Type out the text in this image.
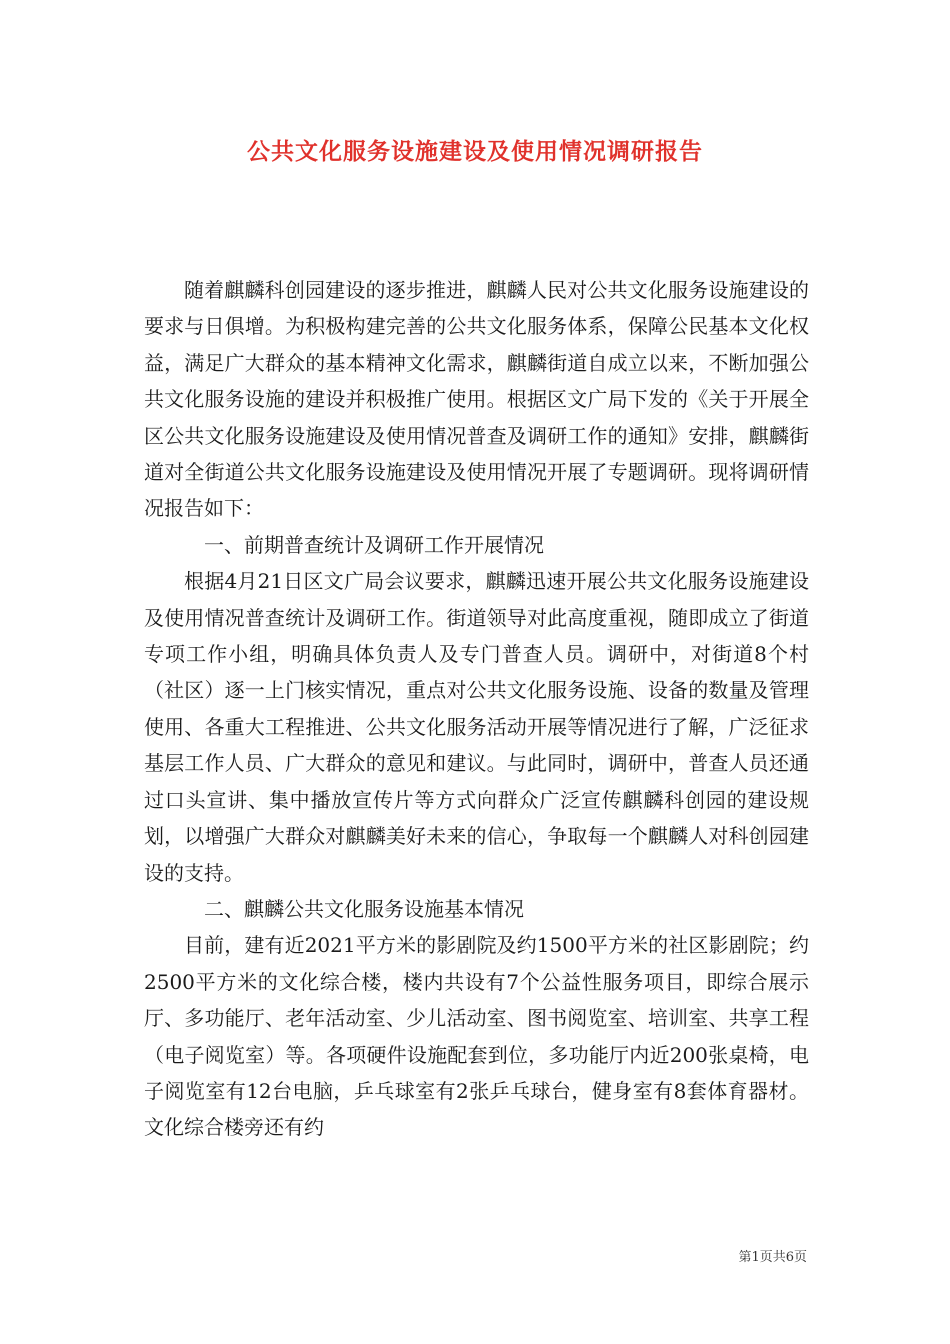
公共文化服务设施建设及使用情况调研报告

随着麒麟科创园建设的逐步推进，麒麟人民对公共文化服务设施建设的要求与日俱增。为积极构建完善的公共文化服务体系，保障公民基本文化权益，满足广大群众的基本精神文化需求，麒麟街道自成立以来，不断加强公共文化服务设施的建设并积极推广使用。根据区文广局下发的《关于开展全区公共文化服务设施建设及使用情况普查及调研工作的通知》安排，麒麟街道对全街道公共文化服务设施建设及使用情况开展了专题调研。现将调研情况报告如下：

一、前期普查统计及调研工作开展情况

根据4月21日区文广局会议要求，麒麟迅速开展公共文化服务设施建设及使用情况普查统计及调研工作。街道领导对此高度重视，随即成立了街道专项工作小组，明确具体负责人及专门普查人员。调研中，对街道8个村（社区）逐一上门核实情况，重点对公共文化服务设施、设备的数量及管理使用、各重大工程推进、公共文化服务活动开展等情况进行了解，广泛征求基层工作人员、广大群众的意见和建议。与此同时，调研中，普查人员还通过口头宣讲、集中播放宣传片等方式向群众广泛宣传麒麟科创园的建设规划，以增强广大群众对麒麟美好未来的信心，争取每一个麒麟人对科创园建设的支持。

二、麒麟公共文化服务设施基本情况

目前，建有近2021平方米的影剧院及约1500平方米的社区影剧院；约2500平方米的文化综合楼，楼内共设有7个公益性服务项目，即综合展示厅、多功能厅、老年活动室、少儿活动室、图书阅览室、培训室、共享工程（电子阅览室）等。各项硬件设施配套到位，多功能厅内近200张桌椅，电子阅览室有12台电脑，乒乓球室有2张乒乓球台，健身室有8套体育器材。文化综合楼旁还有约

第1页共6页
